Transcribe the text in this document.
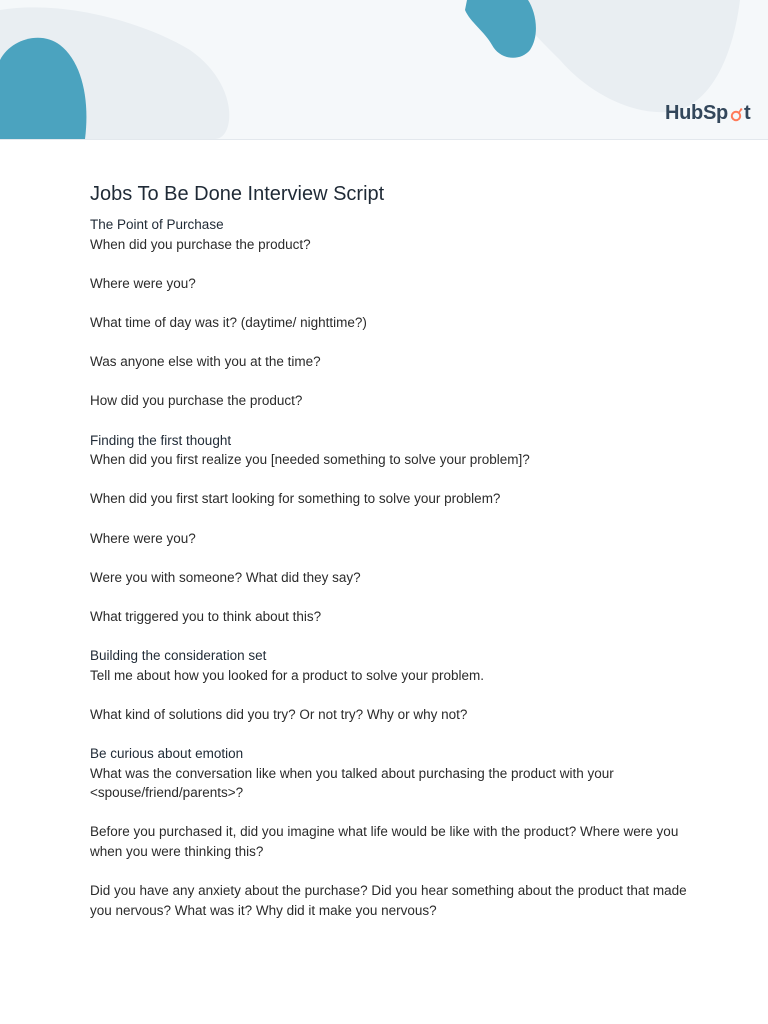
HubSp t
Jobs To Be Done Interview Script

The Point of Purchase

When did you purchase the product?

Where were you?

What time of day was it? (daytime/ nighttime?)

Was anyone else with you at the time?

How did you purchase the product?

Finding the first thought

When did you first realize you [needed something to solve your problem]?

When did you first start looking for something to solve your problem?

Where were you?

Were you with someone? What did they say?

What triggered you to think about this?

Building the consideration set

Tell me about how you looked for a product to solve your problem.

What kind of solutions did you try? Or not try? Why or why not?

Be curious about emotion

What was the conversation like when you talked about purchasing the product with your <spouse/friend/parents>?

Before you purchased it, did you imagine what life would be like with the product? Where were you when you were thinking this?

Did you have any anxiety about the purchase? Did you hear something about the product that made you nervous? What was it? Why did it make you nervous?
